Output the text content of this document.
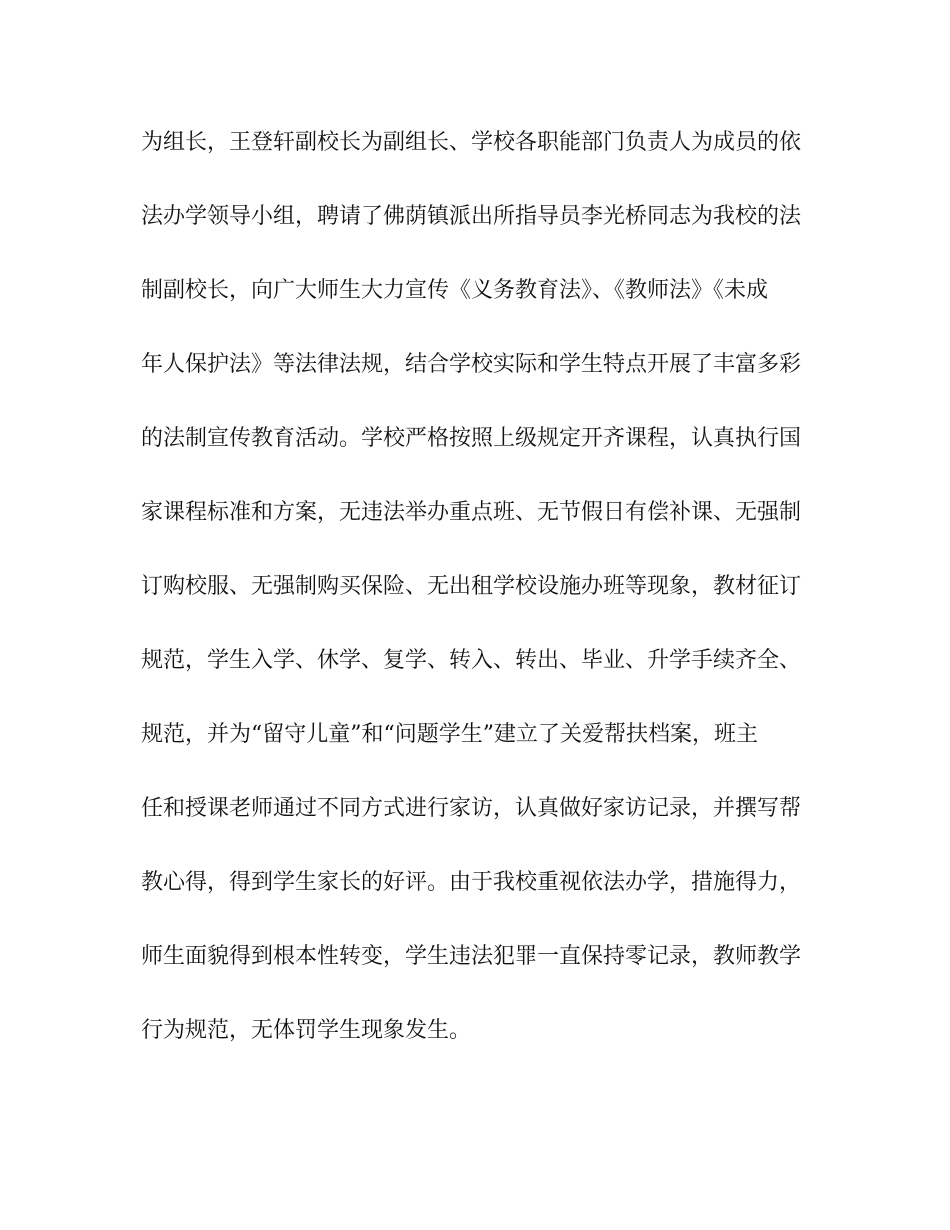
为组长，王登轩副校长为副组长、学校各职能部门负责人为成员的依
法办学领导小组，聘请了佛荫镇派出所指导员李光桥同志为我校的法
制副校长，向广大师生大力宣传《义务教育法》、《教师法》《未成
年人保护法》等法律法规，结合学校实际和学生特点开展了丰富多彩
的法制宣传教育活动。学校严格按照上级规定开齐课程，认真执行国
家课程标准和方案，无违法举办重点班、无节假日有偿补课、无强制
订购校服、无强制购买保险、无出租学校设施办班等现象，教材征订
规范，学生入学、休学、复学、转入、转出、毕业、升学手续齐全、
规范，并为“留守儿童”和“问题学生”建立了关爱帮扶档案，班主
任和授课老师通过不同方式进行家访，认真做好家访记录，并撰写帮
教心得，得到学生家长的好评。由于我校重视依法办学，措施得力，
师生面貌得到根本性转变，学生违法犯罪一直保持零记录，教师教学
行为规范，无体罚学生现象发生。
